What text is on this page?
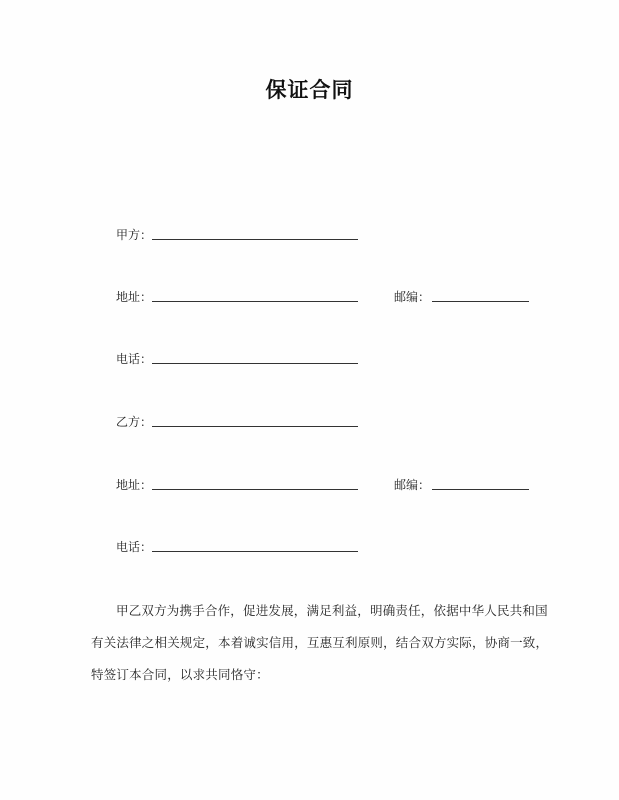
保证合同
甲方：
地址：	邮编：
电话：
乙方：
地址：	邮编：
电话：
甲乙双方为携手合作，促进发展，满足利益，明确责任，依据中华人民共和国
有关法律之相关规定，本着诚实信用，互惠互利原则，结合双方实际，协商一致，
特签订本合同，以求共同恪守：
